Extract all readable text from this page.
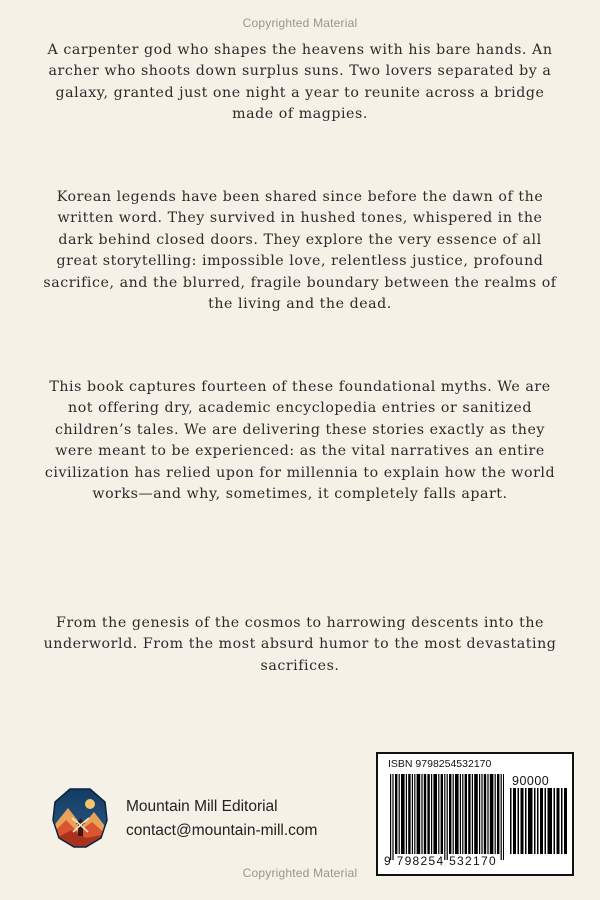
Copyrighted Material
A carpenter god who shapes the heavens with his bare hands. An archer who shoots down surplus suns. Two lovers separated by a galaxy, granted just one night a year to reunite across a bridge made of magpies.
Korean legends have been shared since before the dawn of the written word. They survived in hushed tones, whispered in the dark behind closed doors. They explore the very essence of all great storytelling: impossible love, relentless justice, profound sacrifice, and the blurred, fragile boundary between the realms of the living and the dead.
This book captures fourteen of these foundational myths. We are not offering dry, academic encyclopedia entries or sanitized children’s tales. We are delivering these stories exactly as they were meant to be experienced: as the vital narratives an entire civilization has relied upon for millennia to explain how the world works—and why, sometimes, it completely falls apart.
From the genesis of the cosmos to harrowing descents into the underworld. From the most absurd humor to the most devastating sacrifices.
Mountain Mill Editorial
contact@mountain-mill.com
ISBN 9798254532170
90000
9 798254 532170
Copyrighted Material
